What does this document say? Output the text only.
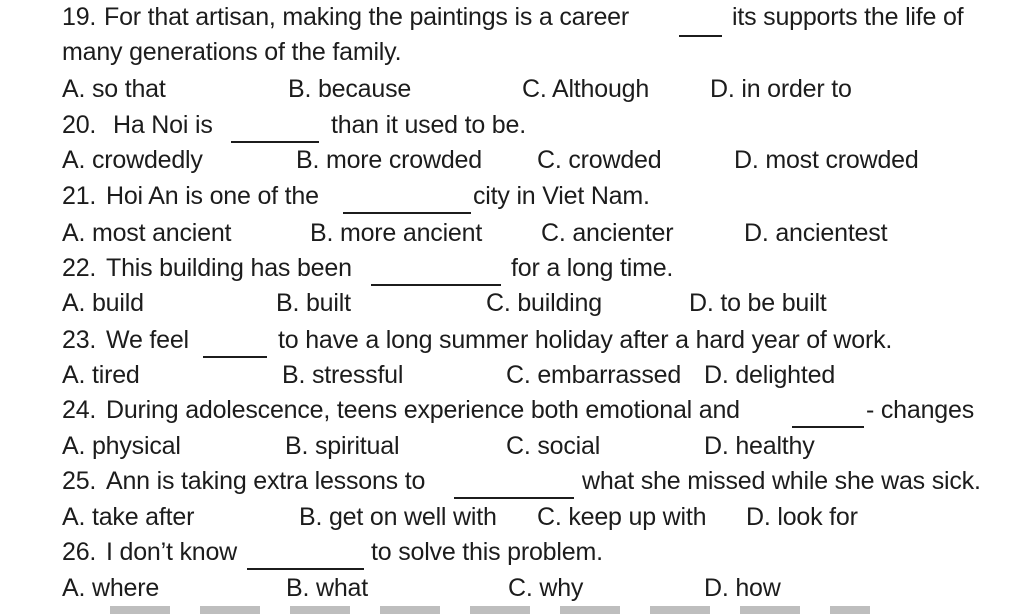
19. For that artisan, making the paintings is a career	its supports the life of
many generations of the family.
A. so that	B. because	C. Although D. in order to
20. Ha Noi is	than it used to be.
A. crowdedly	B. more crowded C. crowded	D. most crowded
21. Hoi An is one of the	city in Viet Nam.
A. most ancient	B. more ancient C. ancienter	D. ancientest
22. This building has been	for a long time.
A. build	B. built	C. building	D. to be built
23. We feel	to have a long summer holiday after a hard year of work.
A. tired	B. stressful	C. embarrassed D. delighted
24. During adolescence, teens experience both emotional and	- changes
A. physical	B. spiritual	C. social	D. healthy
25. Ann is taking extra lessons to	what she missed while she was sick.
A. take after	B. get on well with C. keep up with D. look for
26. I don’t know	to solve this problem.
A. where	B. what	C. why	D. how
